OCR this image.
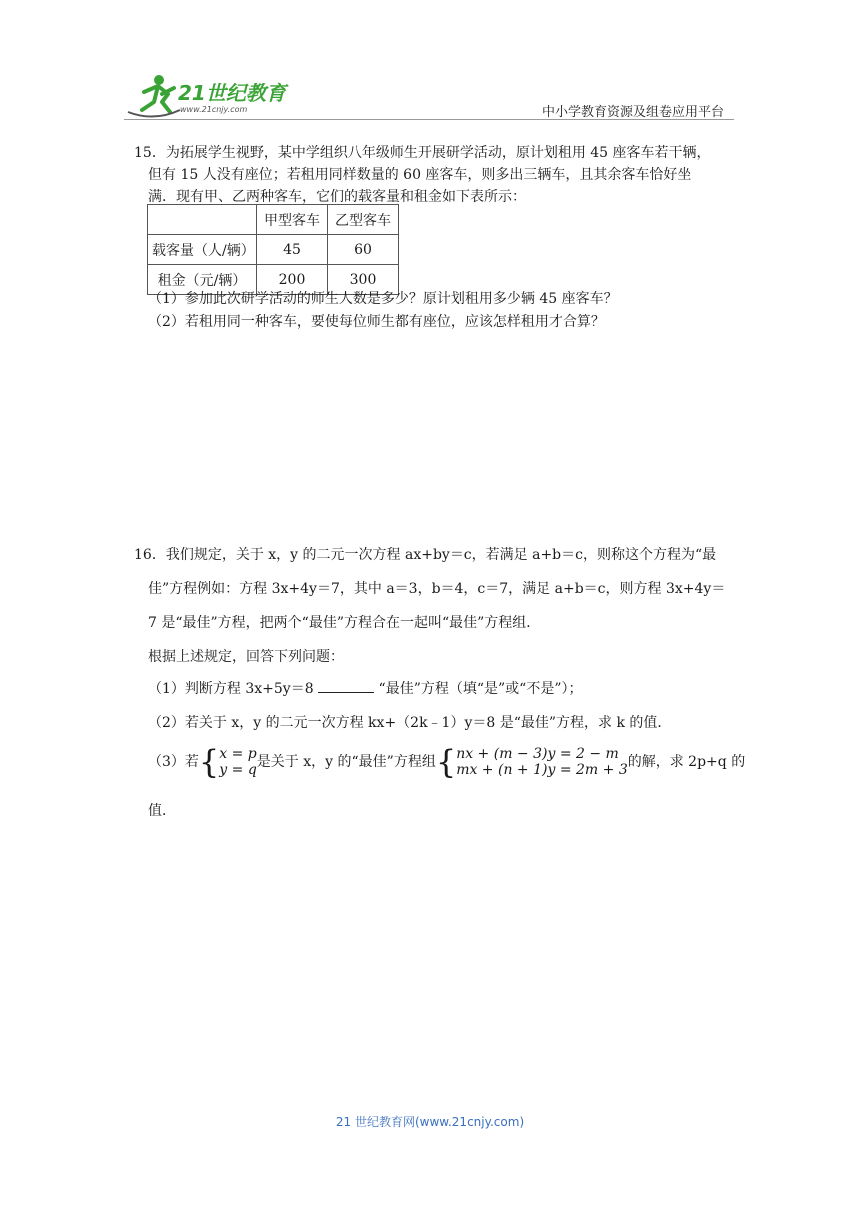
21世纪教育
www.21cnjy.com	中小学教育资源及组卷应用平台
15．为拓展学生视野，某中学组织八年级师生开展研学活动，原计划租用 45 座客车若干辆，
但有 15 人没有座位；若租用同样数量的 60 座客车，则多出三辆车，且其余客车恰好坐
满．现有甲、乙两种客车，它们的载客量和租金如下表所示：
	甲型客车	乙型客车
载客量（人/辆）	45	60
租金（元/辆）	200	300
（1）参加此次研学活动的师生人数是多少？原计划租用多少辆 45 座客车？
（2）若租用同一种客车，要使每位师生都有座位，应该怎样租用才合算？
16．我们规定，关于 x，y 的二元一次方程 ax+by＝c，若满足 a+b＝c，则称这个方程为“最
佳”方程例如：方程 3x+4y＝7，其中 a＝3，b＝4，c＝7，满足 a+b＝c，则方程 3x+4y＝
7 是“最佳”方程，把两个“最佳”方程合在一起叫“最佳”方程组．
根据上述规定，回答下列问题：
（1）判断方程 3x+5y＝8	“最佳”方程（填“是”或“不是”）；
（2）若关于 x，y 的二元一次方程 kx+（2k﹣1）y＝8 是“最佳”方程，求 k 的值．
（3）若{ x = p
y = q 是关于 x，y 的“最佳”方程组{ nx + (m − 3)y = 2 − m
mx + (n + 1)y = 2m + 3 的解，求 2p+q 的
值．
21 世纪教育网(www.21cnjy.com)
